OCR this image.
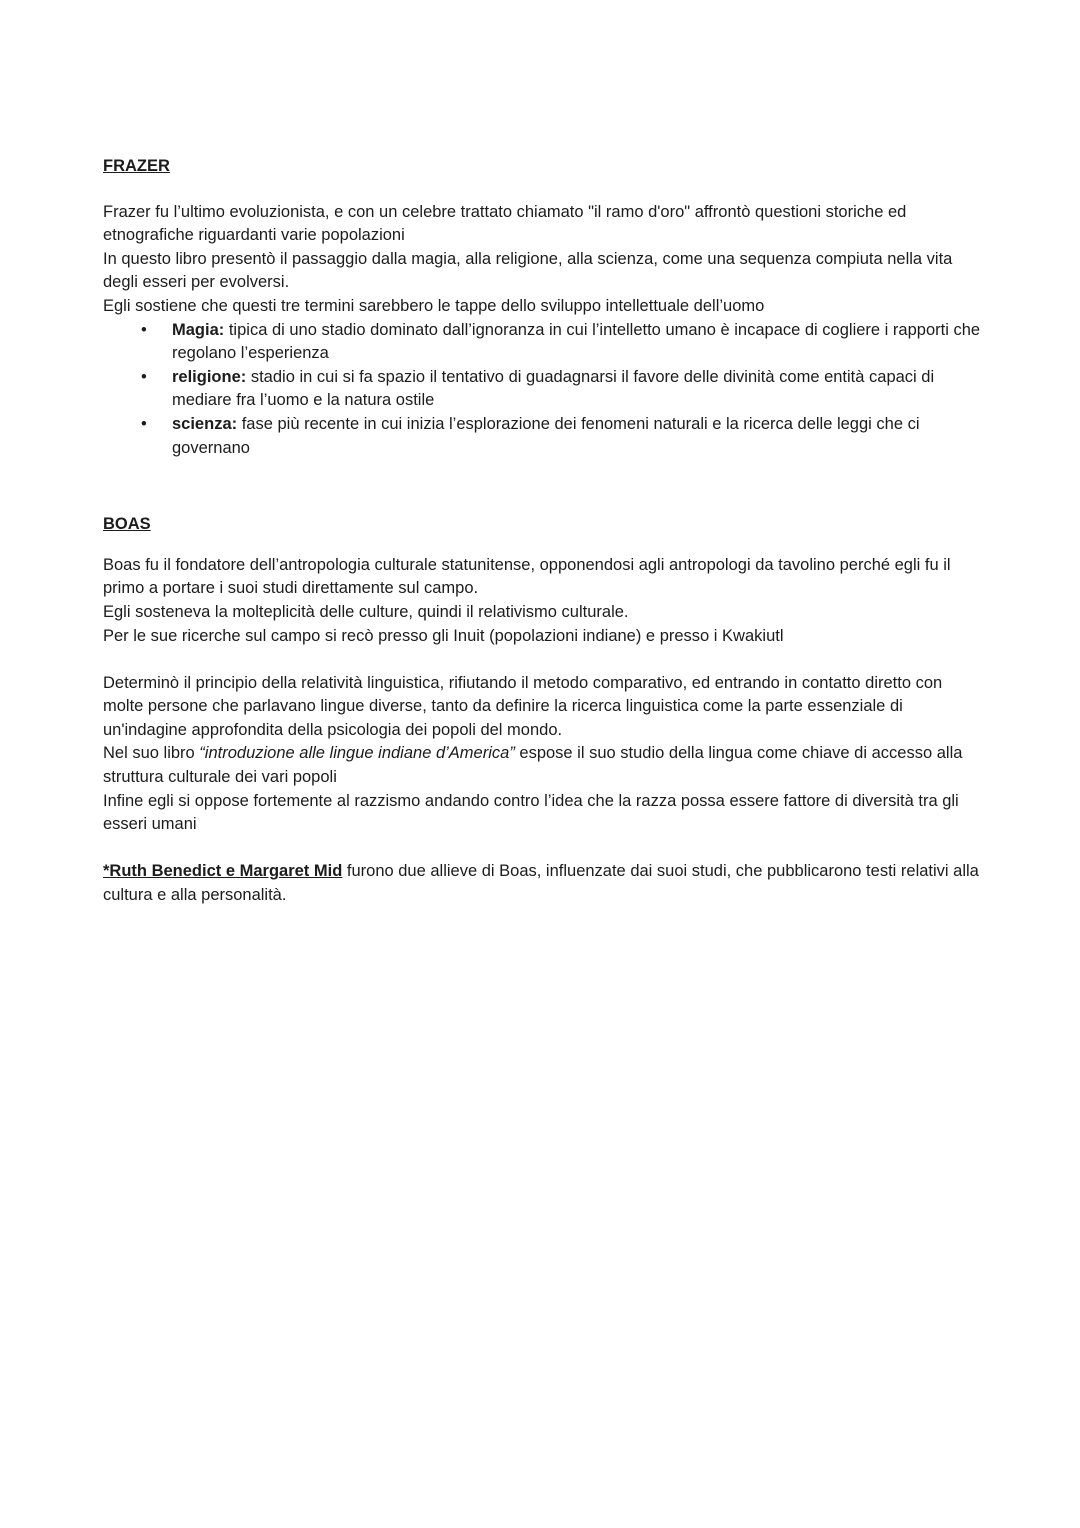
FRAZER

Frazer fu l’ultimo evoluzionista, e con un celebre trattato chiamato "il ramo d'oro" affrontò questioni storiche ed etnografiche riguardanti varie popolazioni

In questo libro presentò il passaggio dalla magia, alla religione, alla scienza, come una sequenza compiuta nella vita degli esseri per evolversi.

Egli sostiene che questi tre termini sarebbero le tappe dello sviluppo intellettuale dell’uomo

• Magia: tipica di uno stadio dominato dall’ignoranza in cui l’intelletto umano è incapace di cogliere i rapporti che regolano l’esperienza
• religione: stadio in cui si fa spazio il tentativo di guadagnarsi il favore delle divinità come entità capaci di mediare fra l’uomo e la natura ostile
• scienza: fase più recente in cui inizia l’esplorazione dei fenomeni naturali e la ricerca delle leggi che ci governano
BOAS

Boas fu il fondatore dell’antropologia culturale statunitense, opponendosi agli antropologi da tavolino perché egli fu il primo a portare i suoi studi direttamente sul campo.

Egli sosteneva la molteplicità delle culture, quindi il relativismo culturale.

Per le sue ricerche sul campo si recò presso gli Inuit (popolazioni indiane) e presso i Kwakiutl

Determinò il principio della relatività linguistica, rifiutando il metodo comparativo, ed entrando in contatto diretto con molte persone che parlavano lingue diverse, tanto da definire la ricerca linguistica come la parte essenziale di un'indagine approfondita della psicologia dei popoli del mondo.

Nel suo libro “introduzione alle lingue indiane d’America” espose il suo studio della lingua come chiave di accesso alla struttura culturale dei vari popoli

Infine egli si oppose fortemente al razzismo andando contro l’idea che la razza possa essere fattore di diversità tra gli esseri umani

*Ruth Benedict e Margaret Mid furono due allieve di Boas, influenzate dai suoi studi, che pubblicarono testi relativi alla cultura e alla personalità.
